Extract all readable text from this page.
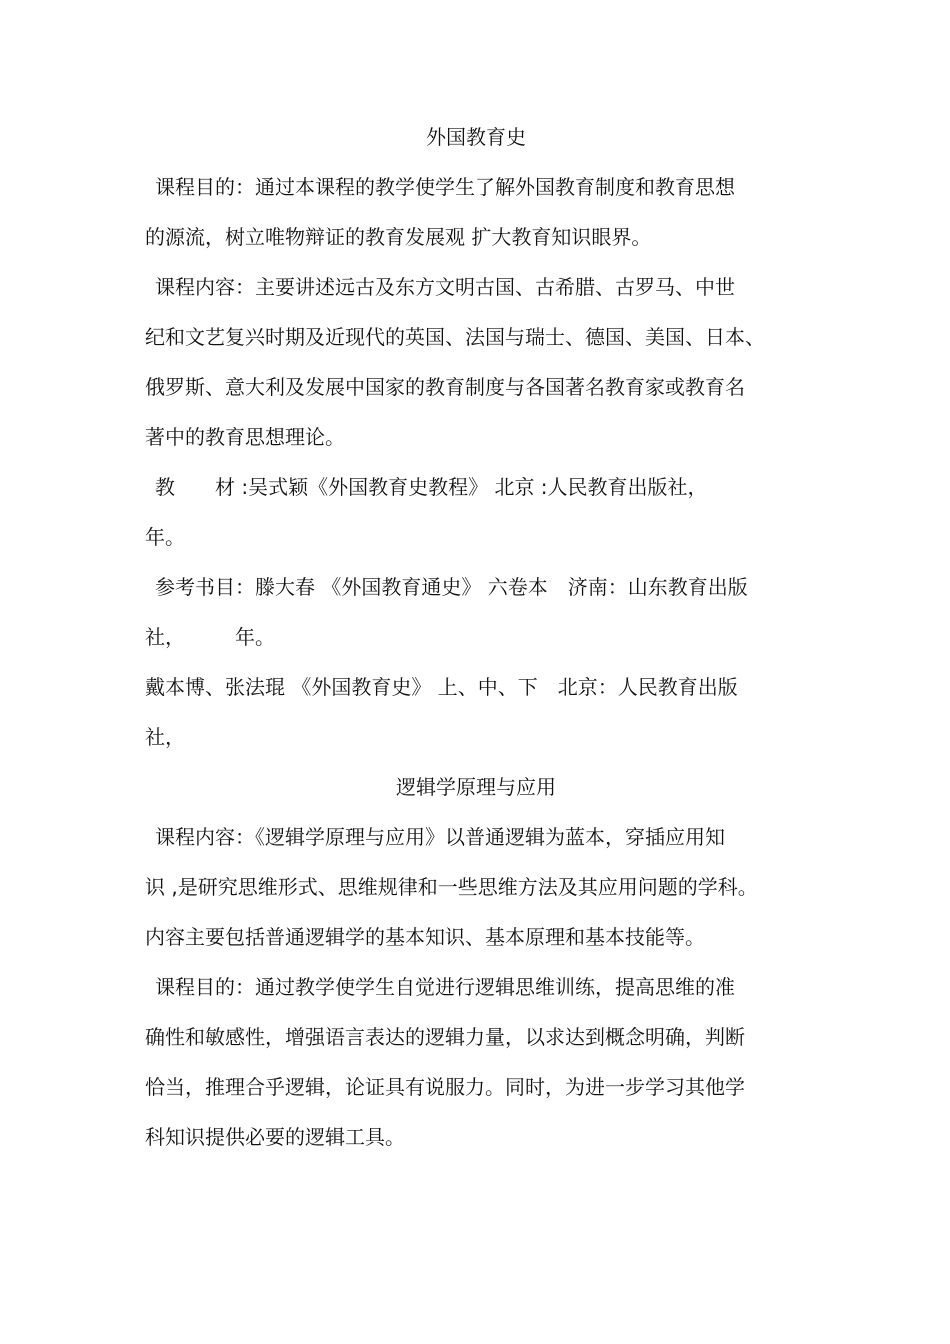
外国教育史
课程目的：通过本课程的教学使学生了解外国教育制度和教育思想
的源流，树立唯物辩证的教育发展观 扩大教育知识眼界。
课程内容：主要讲述远古及东方文明古国、古希腊、古罗马、中世
纪和文艺复兴时期及近现代的英国、法国与瑞士、德国、美国、日本、
俄罗斯、意大利及发展中国家的教育制度与各国著名教育家或教育名
著中的教育思想理论。
教　　材 :吴式颖《外国教育史教程》 北京 :人民教育出版社，
年。
参考书目：滕大春 《外国教育通史》 六卷本　济南：山东教育出版
社，　　　年。
戴本博、张法琨 《外国教育史》 上、中、下　北京：人民教育出版
社，
逻辑学原理与应用
课程内容：《逻辑学原理与应用》以普通逻辑为蓝本，穿插应用知
识 ,是研究思维形式、思维规律和一些思维方法及其应用问题的学科。
内容主要包括普通逻辑学的基本知识、基本原理和基本技能等。
课程目的：通过教学使学生自觉进行逻辑思维训练，提高思维的准
确性和敏感性，增强语言表达的逻辑力量，以求达到概念明确，判断
恰当，推理合乎逻辑，论证具有说服力。同时，为进一步学习其他学
科知识提供必要的逻辑工具。
